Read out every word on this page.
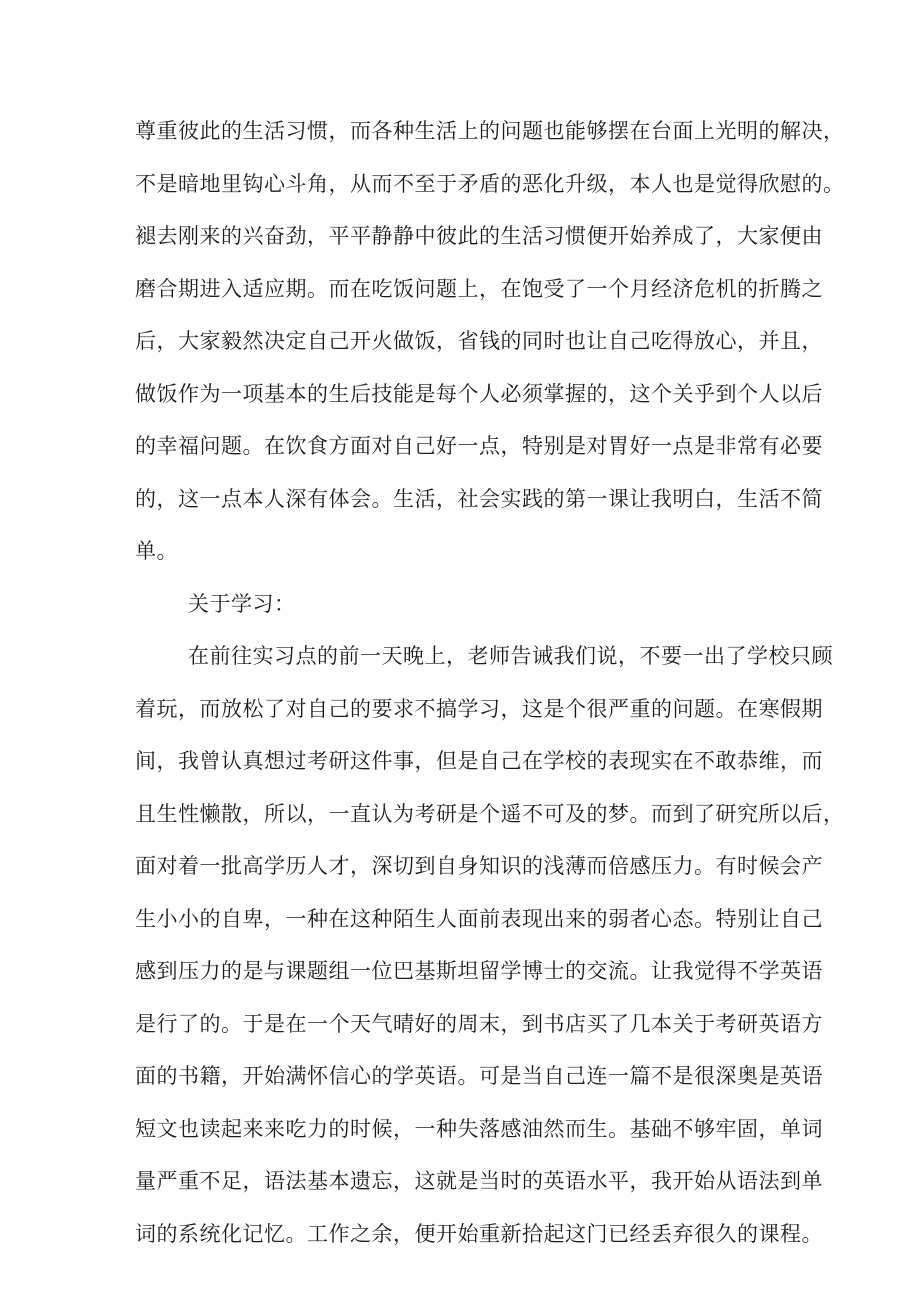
尊重彼此的生活习惯，而各种生活上的问题也能够摆在台面上光明的解决，
不是暗地里钩心斗角，从而不至于矛盾的恶化升级，本人也是觉得欣慰的。
褪去刚来的兴奋劲，平平静静中彼此的生活习惯便开始养成了，大家便由
磨合期进入适应期。而在吃饭问题上，在饱受了一个月经济危机的折腾之
后，大家毅然决定自己开火做饭，省钱的同时也让自己吃得放心，并且，
做饭作为一项基本的生后技能是每个人必须掌握的，这个关乎到个人以后
的幸福问题。在饮食方面对自己好一点，特别是对胃好一点是非常有必要
的，这一点本人深有体会。生活，社会实践的第一课让我明白，生活不简
单。
关于学习：
在前往实习点的前一天晚上，老师告诫我们说，不要一出了学校只顾
着玩，而放松了对自己的要求不搞学习，这是个很严重的问题。在寒假期
间，我曾认真想过考研这件事，但是自己在学校的表现实在不敢恭维，而
且生性懒散，所以，一直认为考研是个遥不可及的梦。而到了研究所以后，
面对着一批高学历人才，深切到自身知识的浅薄而倍感压力。有时候会产
生小小的自卑，一种在这种陌生人面前表现出来的弱者心态。特别让自己
感到压力的是与课题组一位巴基斯坦留学博士的交流。让我觉得不学英语
是行了的。于是在一个天气晴好的周末，到书店买了几本关于考研英语方
面的书籍，开始满怀信心的学英语。可是当自己连一篇不是很深奥是英语
短文也读起来来吃力的时候，一种失落感油然而生。基础不够牢固，单词
量严重不足，语法基本遗忘，这就是当时的英语水平，我开始从语法到单
词的系统化记忆。工作之余，便开始重新拾起这门已经丢弃很久的课程。
